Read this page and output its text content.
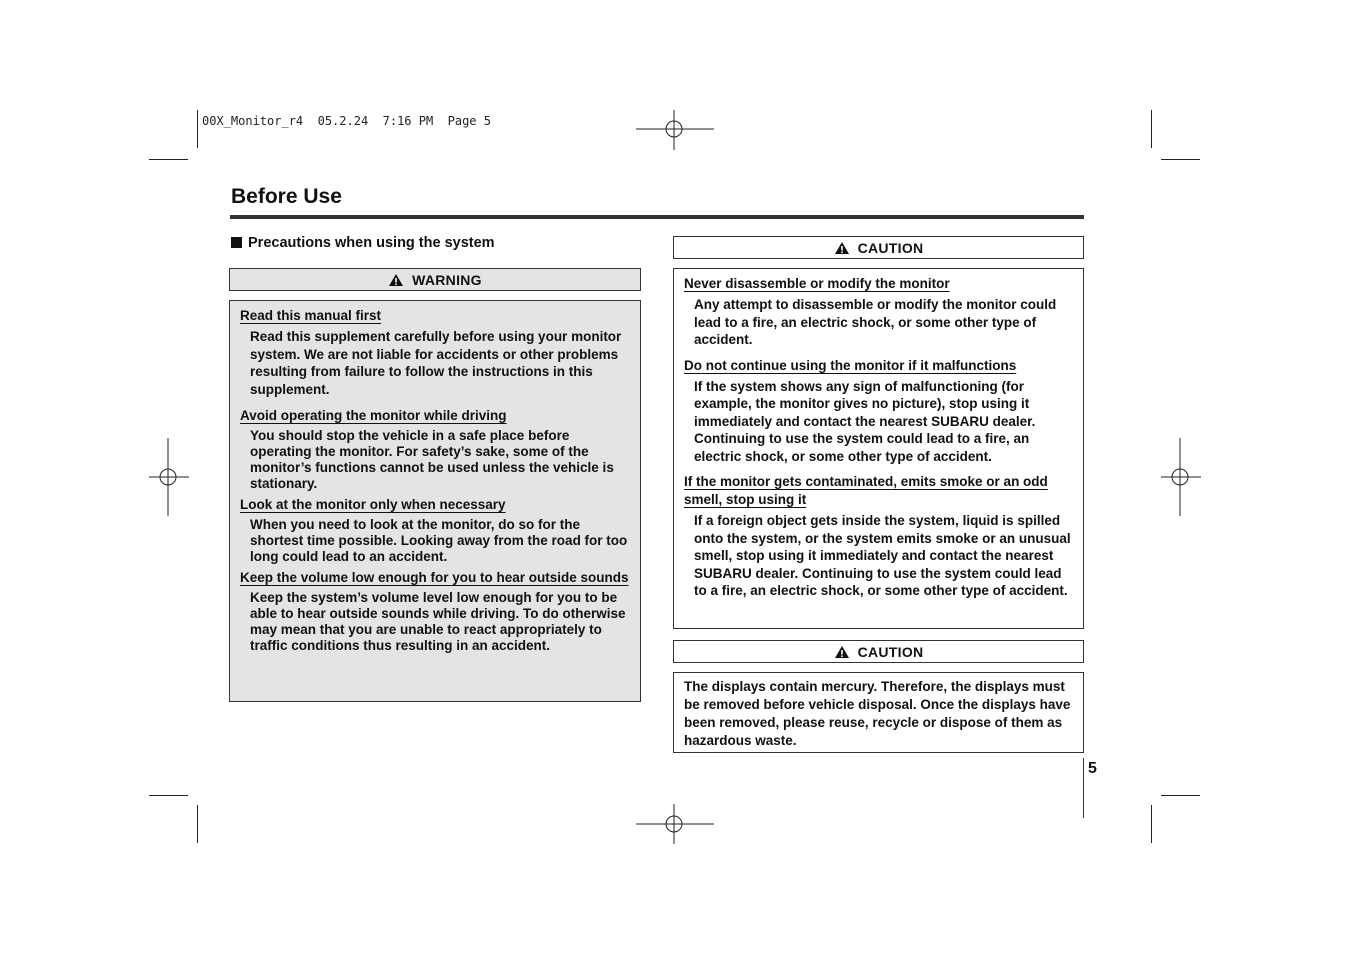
00X_Monitor_r4  05.2.24  7:16 PM  Page 5
Before Use
Precautions when using the system
WARNING
Read this manual first
Read this supplement carefully before using your monitor system. We are not liable for accidents or other problems resulting from failure to follow the instructions in this supplement.
Avoid operating the monitor while driving
You should stop the vehicle in a safe place before operating the monitor. For safety’s sake, some of the monitor’s functions cannot be used unless the vehicle is stationary.
Look at the monitor only when necessary
When you need to look at the monitor, do so for the shortest time possible. Looking away from the road for too long could lead to an accident.
Keep the volume low enough for you to hear outside sounds
Keep the system’s volume level low enough for you to be able to hear outside sounds while driving. To do otherwise may mean that you are unable to react appropriately to traffic conditions thus resulting in an accident.
CAUTION
Never disassemble or modify the monitor
Any attempt to disassemble or modify the monitor could lead to a fire, an electric shock, or some other type of accident.
Do not continue using the monitor if it malfunctions
If the system shows any sign of malfunctioning (for example, the monitor gives no picture), stop using it immediately and contact the nearest SUBARU dealer. Continuing to use the system could lead to a fire, an electric shock, or some other type of accident.
If the monitor gets contaminated, emits smoke or an odd smell, stop using it
If a foreign object gets inside the system, liquid is spilled onto the system, or the system emits smoke or an unusual smell, stop using it immediately and contact the nearest SUBARU dealer. Continuing to use the system could lead to a fire, an electric shock, or some other type of accident.
CAUTION
The displays contain mercury. Therefore, the displays must be removed before vehicle disposal. Once the displays have been removed, please reuse, recycle or dispose of them as hazardous waste.
5
